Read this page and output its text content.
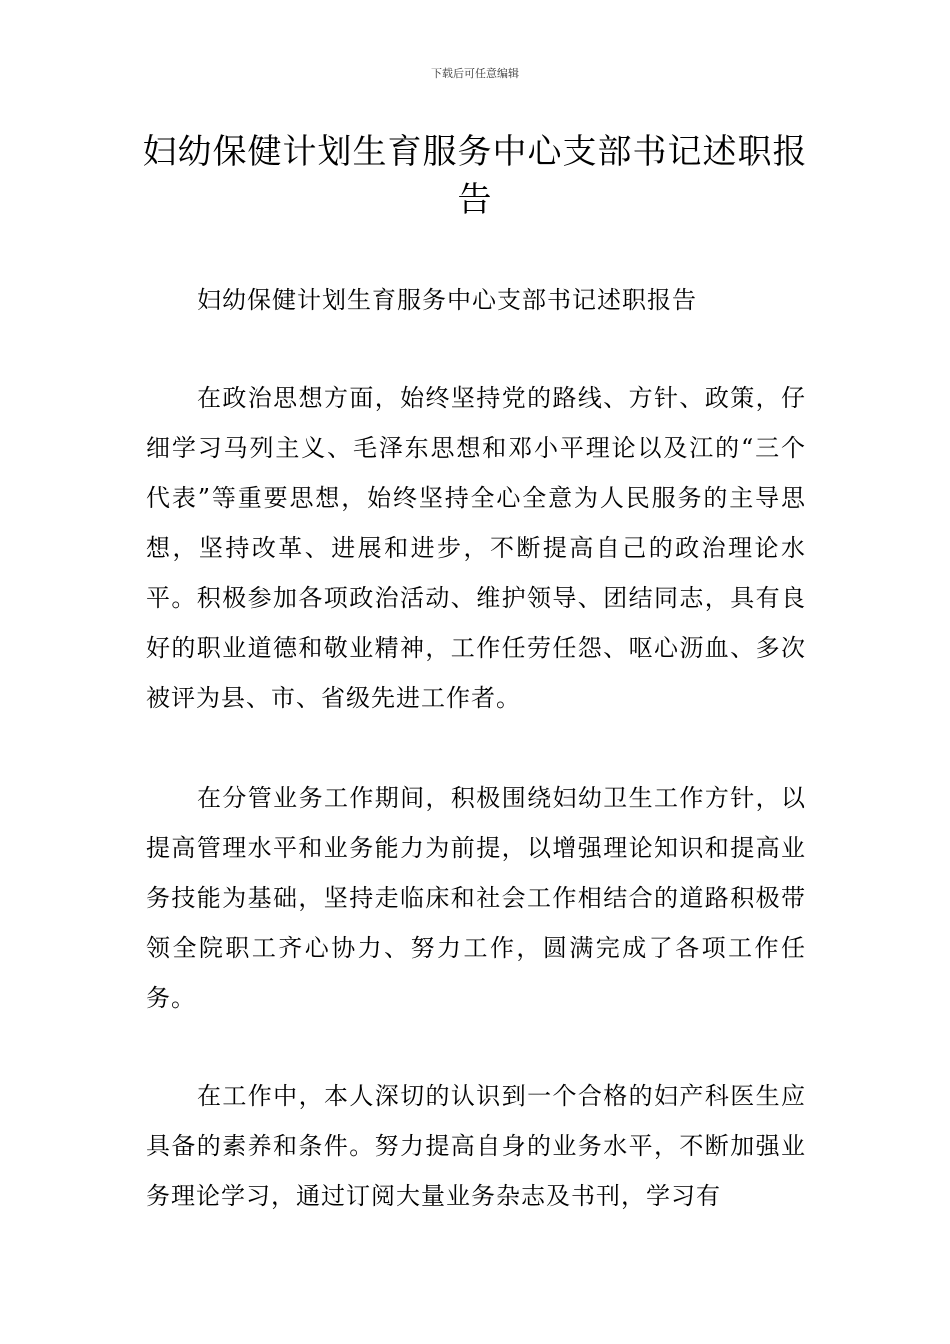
下载后可任意编辑
妇幼保健计划生育服务中心支部书记述职报告

妇幼保健计划生育服务中心支部书记述职报告

在政治思想方面，始终坚持党的路线、方针、政策，仔细学习马列主义、毛泽东思想和邓小平理论以及江的“三个代表”等重要思想，始终坚持全心全意为人民服务的主导思想，坚持改革、进展和进步，不断提高自己的政治理论水平。积极参加各项政治活动、维护领导、团结同志，具有良好的职业道德和敬业精神，工作任劳任怨、呕心沥血、多次被评为县、市、省级先进工作者。

在分管业务工作期间，积极围绕妇幼卫生工作方针，以提高管理水平和业务能力为前提，以增强理论知识和提高业务技能为基础，坚持走临床和社会工作相结合的道路积极带领全院职工齐心协力、努力工作，圆满完成了各项工作任务。

在工作中，本人深切的认识到一个合格的妇产科医生应具备的素养和条件。努力提高自身的业务水平，不断加强业务理论学习，通过订阅大量业务杂志及书刊，学习有
